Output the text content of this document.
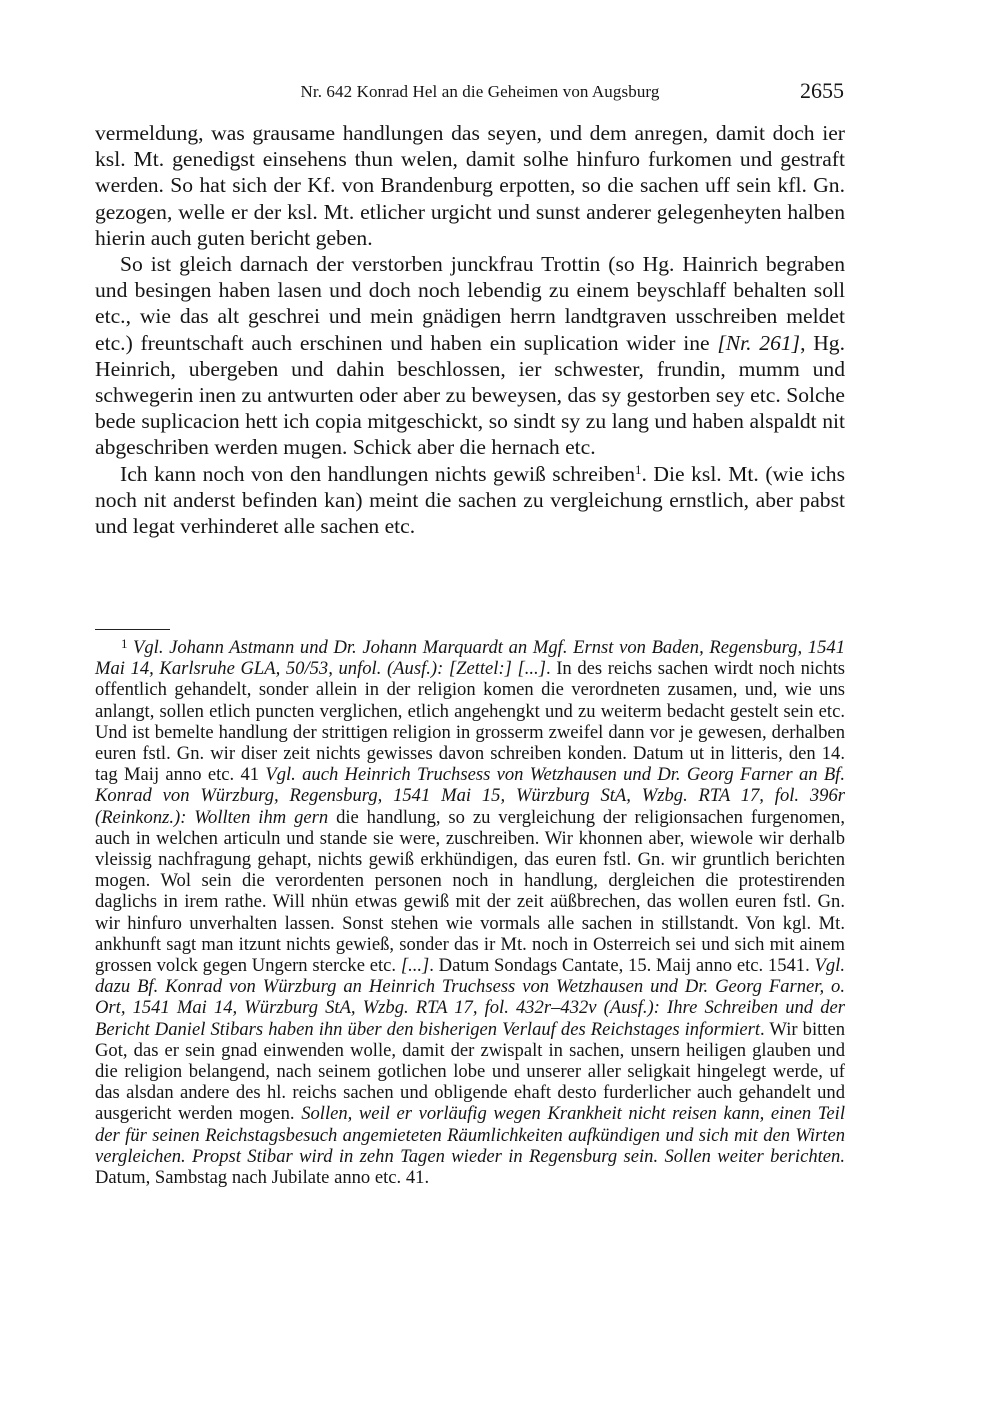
Nr. 642 Konrad Hel an die Geheimen von Augsburg	2655

vermeldung, was grausame handlungen das seyen, und dem anregen, damit doch ier ksl. Mt. genedigst einsehens thun welen, damit solhe hinfuro furkomen und gestraft werden. So hat sich der Kf. von Brandenburg erpotten, so die sachen uff sein kfl. Gn. gezogen, welle er der ksl. Mt. etlicher urgicht und sunst anderer gelegenheyten halben hierin auch guten bericht geben.

So ist gleich darnach der verstorben junckfrau Trottin (so Hg. Hainrich begraben und besingen haben lasen und doch noch lebendig zu einem beyschlaff behalten soll etc., wie das alt geschrei und mein gnädigen herrn landtgraven usschreiben meldet etc.) freuntschaft auch erschinen und haben ein suplication wider ine [Nr. 261], Hg. Heinrich, ubergeben und dahin beschlossen, ier schwester, frundin, mumm und schwegerin inen zu antwurten oder aber zu beweysen, das sy gestorben sey etc. Solche bede suplicacion hett ich copia mitgeschickt, so sindt sy zu lang und haben alspaldt nit abgeschriben werden mugen. Schick aber die hernach etc.

Ich kann noch von den handlungen nichts gewiß schreiben$^1$. Die ksl. Mt. (wie ichs noch nit anderst befinden kan) meint die sachen zu vergleichung ernstlich, aber pabst und legat verhinderet alle sachen etc.

1 Vgl. Johann Astmann und Dr. Johann Marquardt an Mgf. Ernst von Baden, Regensburg, 1541 Mai 14, Karlsruhe GLA, 50/53, unfol. (Ausf.): [Zettel:] [...]. In des reichs sachen wirdt noch nichts offentlich gehandelt, sonder allein in der religion komen die verordneten zusamen, und, wie uns anlangt, sollen etlich puncten verglichen, etlich angehengkt und zu weiterm bedacht gestelt sein etc. Und ist bemelte handlung der strittigen religion in grosserm zweifel dann vor je gewesen, derhalben euren fstl. Gn. wir diser zeit nichts gewisses davon schreiben konden. Datum ut in litteris, den 14. tag Maij anno etc. 41 Vgl. auch Heinrich Truchsess von Wetzhausen und Dr. Georg Farner an Bf. Konrad von Würzburg, Regensburg, 1541 Mai 15, Würzburg StA, Wzbg. RTA 17, fol. 396r (Reinkonz.): Wollten ihm gern die handlung, so zu vergleichung der religionsachen furgenomen, auch in welchen articuln und stande sie were, zuschreiben. Wir khonnen aber, wiewole wir derhalb vleissig nachfragung gehapt, nichts gewiß erkhündigen, das euren fstl. Gn. wir gruntlich berichten mogen. Wol sein die verordenten personen noch in handlung, dergleichen die protestirenden daglichs in irem rathe. Will nhün etwas gewiß mit der zeit aüßbrechen, das wollen euren fstl. Gn. wir hinfuro unverhalten lassen. Sonst stehen wie vormals alle sachen in stillstandt. Von kgl. Mt. ankhunft sagt man itzunt nichts gewieß, sonder das ir Mt. noch in Osterreich sei und sich mit ainem grossen volck gegen Ungern stercke etc. [...]. Datum Sondags Cantate, 15. Maij anno etc. 1541. Vgl. dazu Bf. Konrad von Würzburg an Heinrich Truchsess von Wetzhausen und Dr. Georg Farner, o. Ort, 1541 Mai 14, Würzburg StA, Wzbg. RTA 17, fol. 432r–432v (Ausf.): Ihre Schreiben und der Bericht Daniel Stibars haben ihn über den bisherigen Verlauf des Reichstages informiert. Wir bitten Got, das er sein gnad einwenden wolle, damit der zwispalt in sachen, unsern heiligen glauben und die religion belangend, nach seinem gotlichen lobe und unserer aller seligkait hingelegt werde, uf das alsdan andere des hl. reichs sachen und obligende ehaft desto furderlicher auch gehandelt und ausgericht werden mogen. Sollen, weil er vorläufig wegen Krankheit nicht reisen kann, einen Teil der für seinen Reichstagsbesuch angemieteten Räumlichkeiten aufkündigen und sich mit den Wirten vergleichen. Propst Stibar wird in zehn Tagen wieder in Regensburg sein. Sollen weiter berichten. Datum, Sambstag nach Jubilate anno etc. 41.
